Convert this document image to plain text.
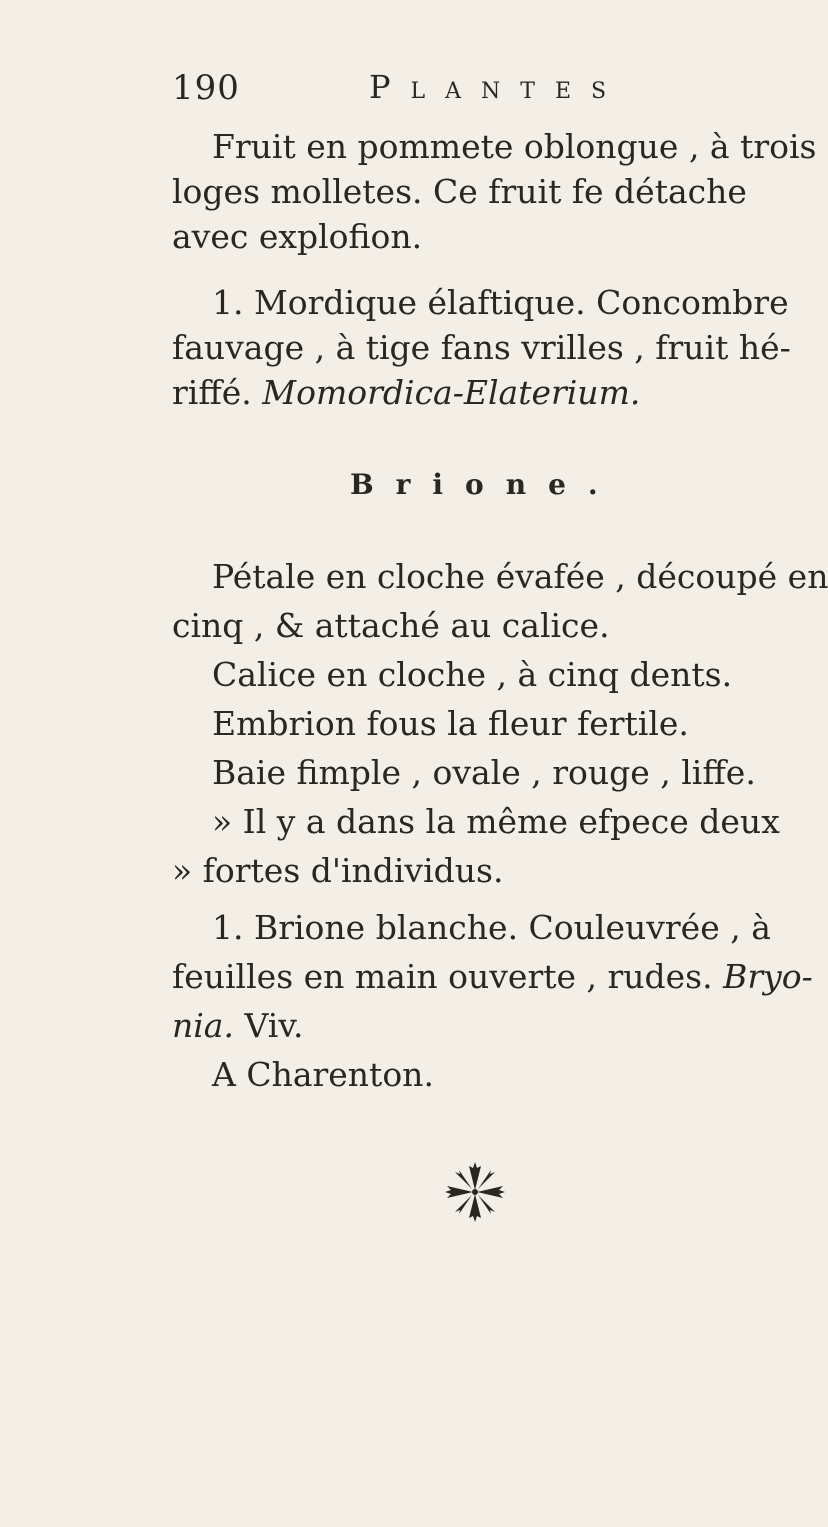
190	Plantes
Fruit en pommete oblongue , à trois
loges molletes. Ce fruit fe détache
avec explofion.
1. Mordique élaftique. Concombre
fauvage , à tige fans vrilles , fruit hé-
riffé. Momordica-Elaterium.
Brione.
Pétale en cloche évafée , découpé en
cinq , & attaché au calice.
Calice en cloche , à cinq dents.
Embrion fous la fleur fertile.
Baie fimple , ovale , rouge , liffe.
» Il y a dans la même efpece deux
» fortes d'individus.
1. Brione blanche. Couleuvrée , à
feuilles en main ouverte , rudes. Bryo-
nia. Viv.
A Charenton.
